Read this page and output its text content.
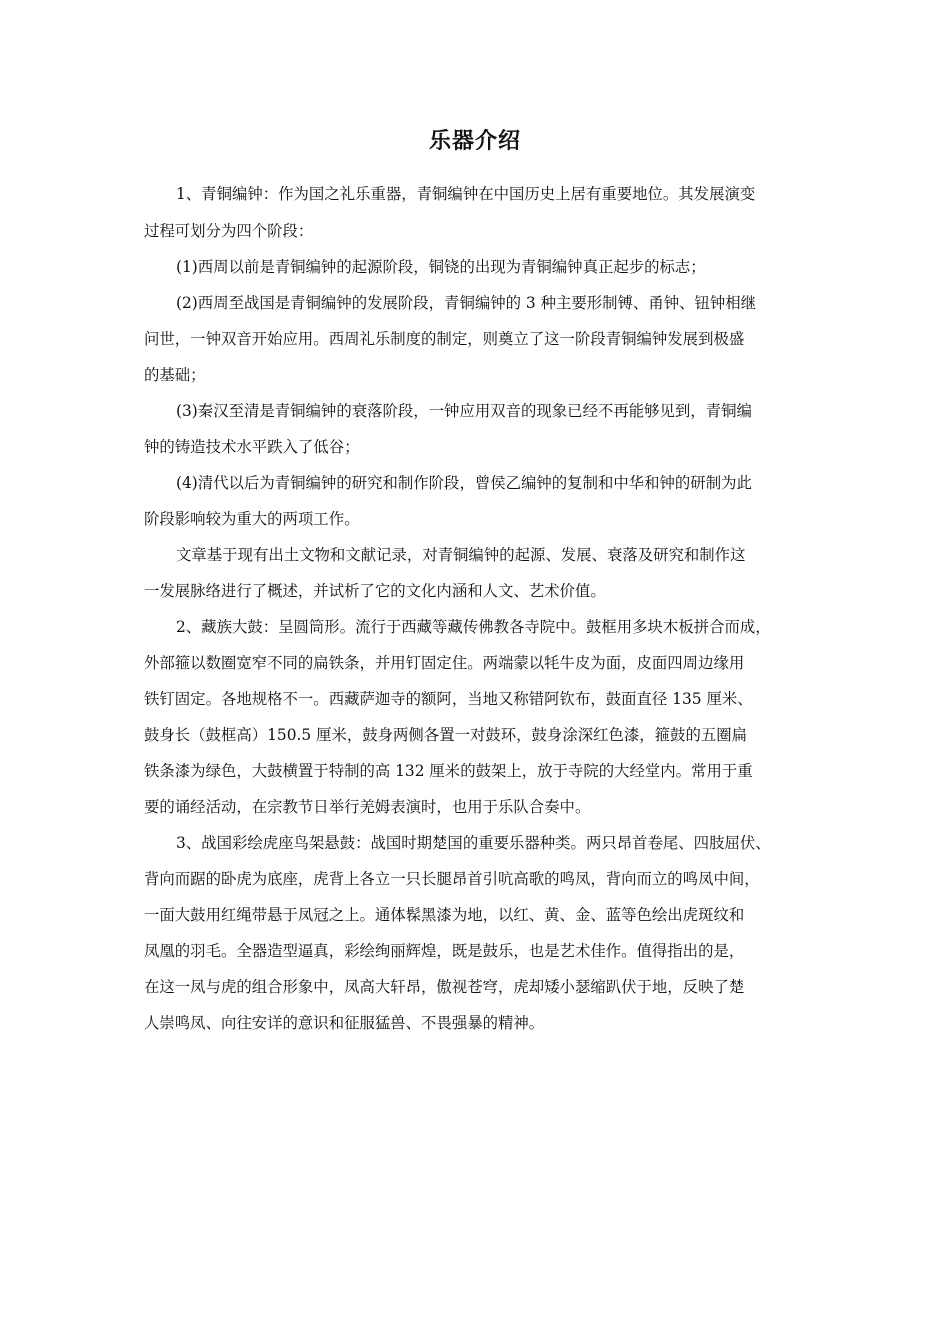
乐器介绍

1、青铜编钟：作为国之礼乐重器，青铜编钟在中国历史上居有重要地位。其发展演变

过程可划分为四个阶段：

(1)西周以前是青铜编钟的起源阶段，铜铙的出现为青铜编钟真正起步的标志；

(2)西周至战国是青铜编钟的发展阶段，青铜编钟的 3 种主要形制镈、甬钟、钮钟相继

问世，一钟双音开始应用。西周礼乐制度的制定，则奠立了这一阶段青铜编钟发展到极盛

的基础；

(3)秦汉至清是青铜编钟的衰落阶段，一钟应用双音的现象已经不再能够见到，青铜编

钟的铸造技术水平跌入了低谷；

(4)清代以后为青铜编钟的研究和制作阶段，曾侯乙编钟的复制和中华和钟的研制为此

阶段影响较为重大的两项工作。

文章基于现有出土文物和文献记录，对青铜编钟的起源、发展、衰落及研究和制作这

一发展脉络进行了概述，并试析了它的文化内涵和人文、艺术价值。

2、藏族大鼓：呈圆筒形。流行于西藏等藏传佛教各寺院中。鼓框用多块木板拼合而成，

外部箍以数圈宽窄不同的扁铁条，并用钉固定住。两端蒙以牦牛皮为面，皮面四周边缘用

铁钉固定。各地规格不一。西藏萨迦寺的额阿，当地又称错阿钦布，鼓面直径 135 厘米、

鼓身长（鼓框高）150.5 厘米，鼓身两侧各置一对鼓环，鼓身涂深红色漆，箍鼓的五圈扁

铁条漆为绿色，大鼓横置于特制的高 132 厘米的鼓架上，放于寺院的大经堂内。常用于重

要的诵经活动，在宗教节日举行羌姆表演时，也用于乐队合奏中。

3、战国彩绘虎座鸟架悬鼓：战国时期楚国的重要乐器种类。两只昂首卷尾、四肢屈伏、

背向而踞的卧虎为底座，虎背上各立一只长腿昂首引吭高歌的鸣凤，背向而立的鸣凤中间，

一面大鼓用红绳带悬于凤冠之上。通体髹黑漆为地，以红、黄、金、蓝等色绘出虎斑纹和

凤凰的羽毛。全器造型逼真，彩绘绚丽辉煌，既是鼓乐，也是艺术佳作。值得指出的是，

在这一凤与虎的组合形象中，凤高大轩昂，傲视苍穹，虎却矮小瑟缩趴伏于地，反映了楚

人崇鸣凤、向往安详的意识和征服猛兽、不畏强暴的精神。
